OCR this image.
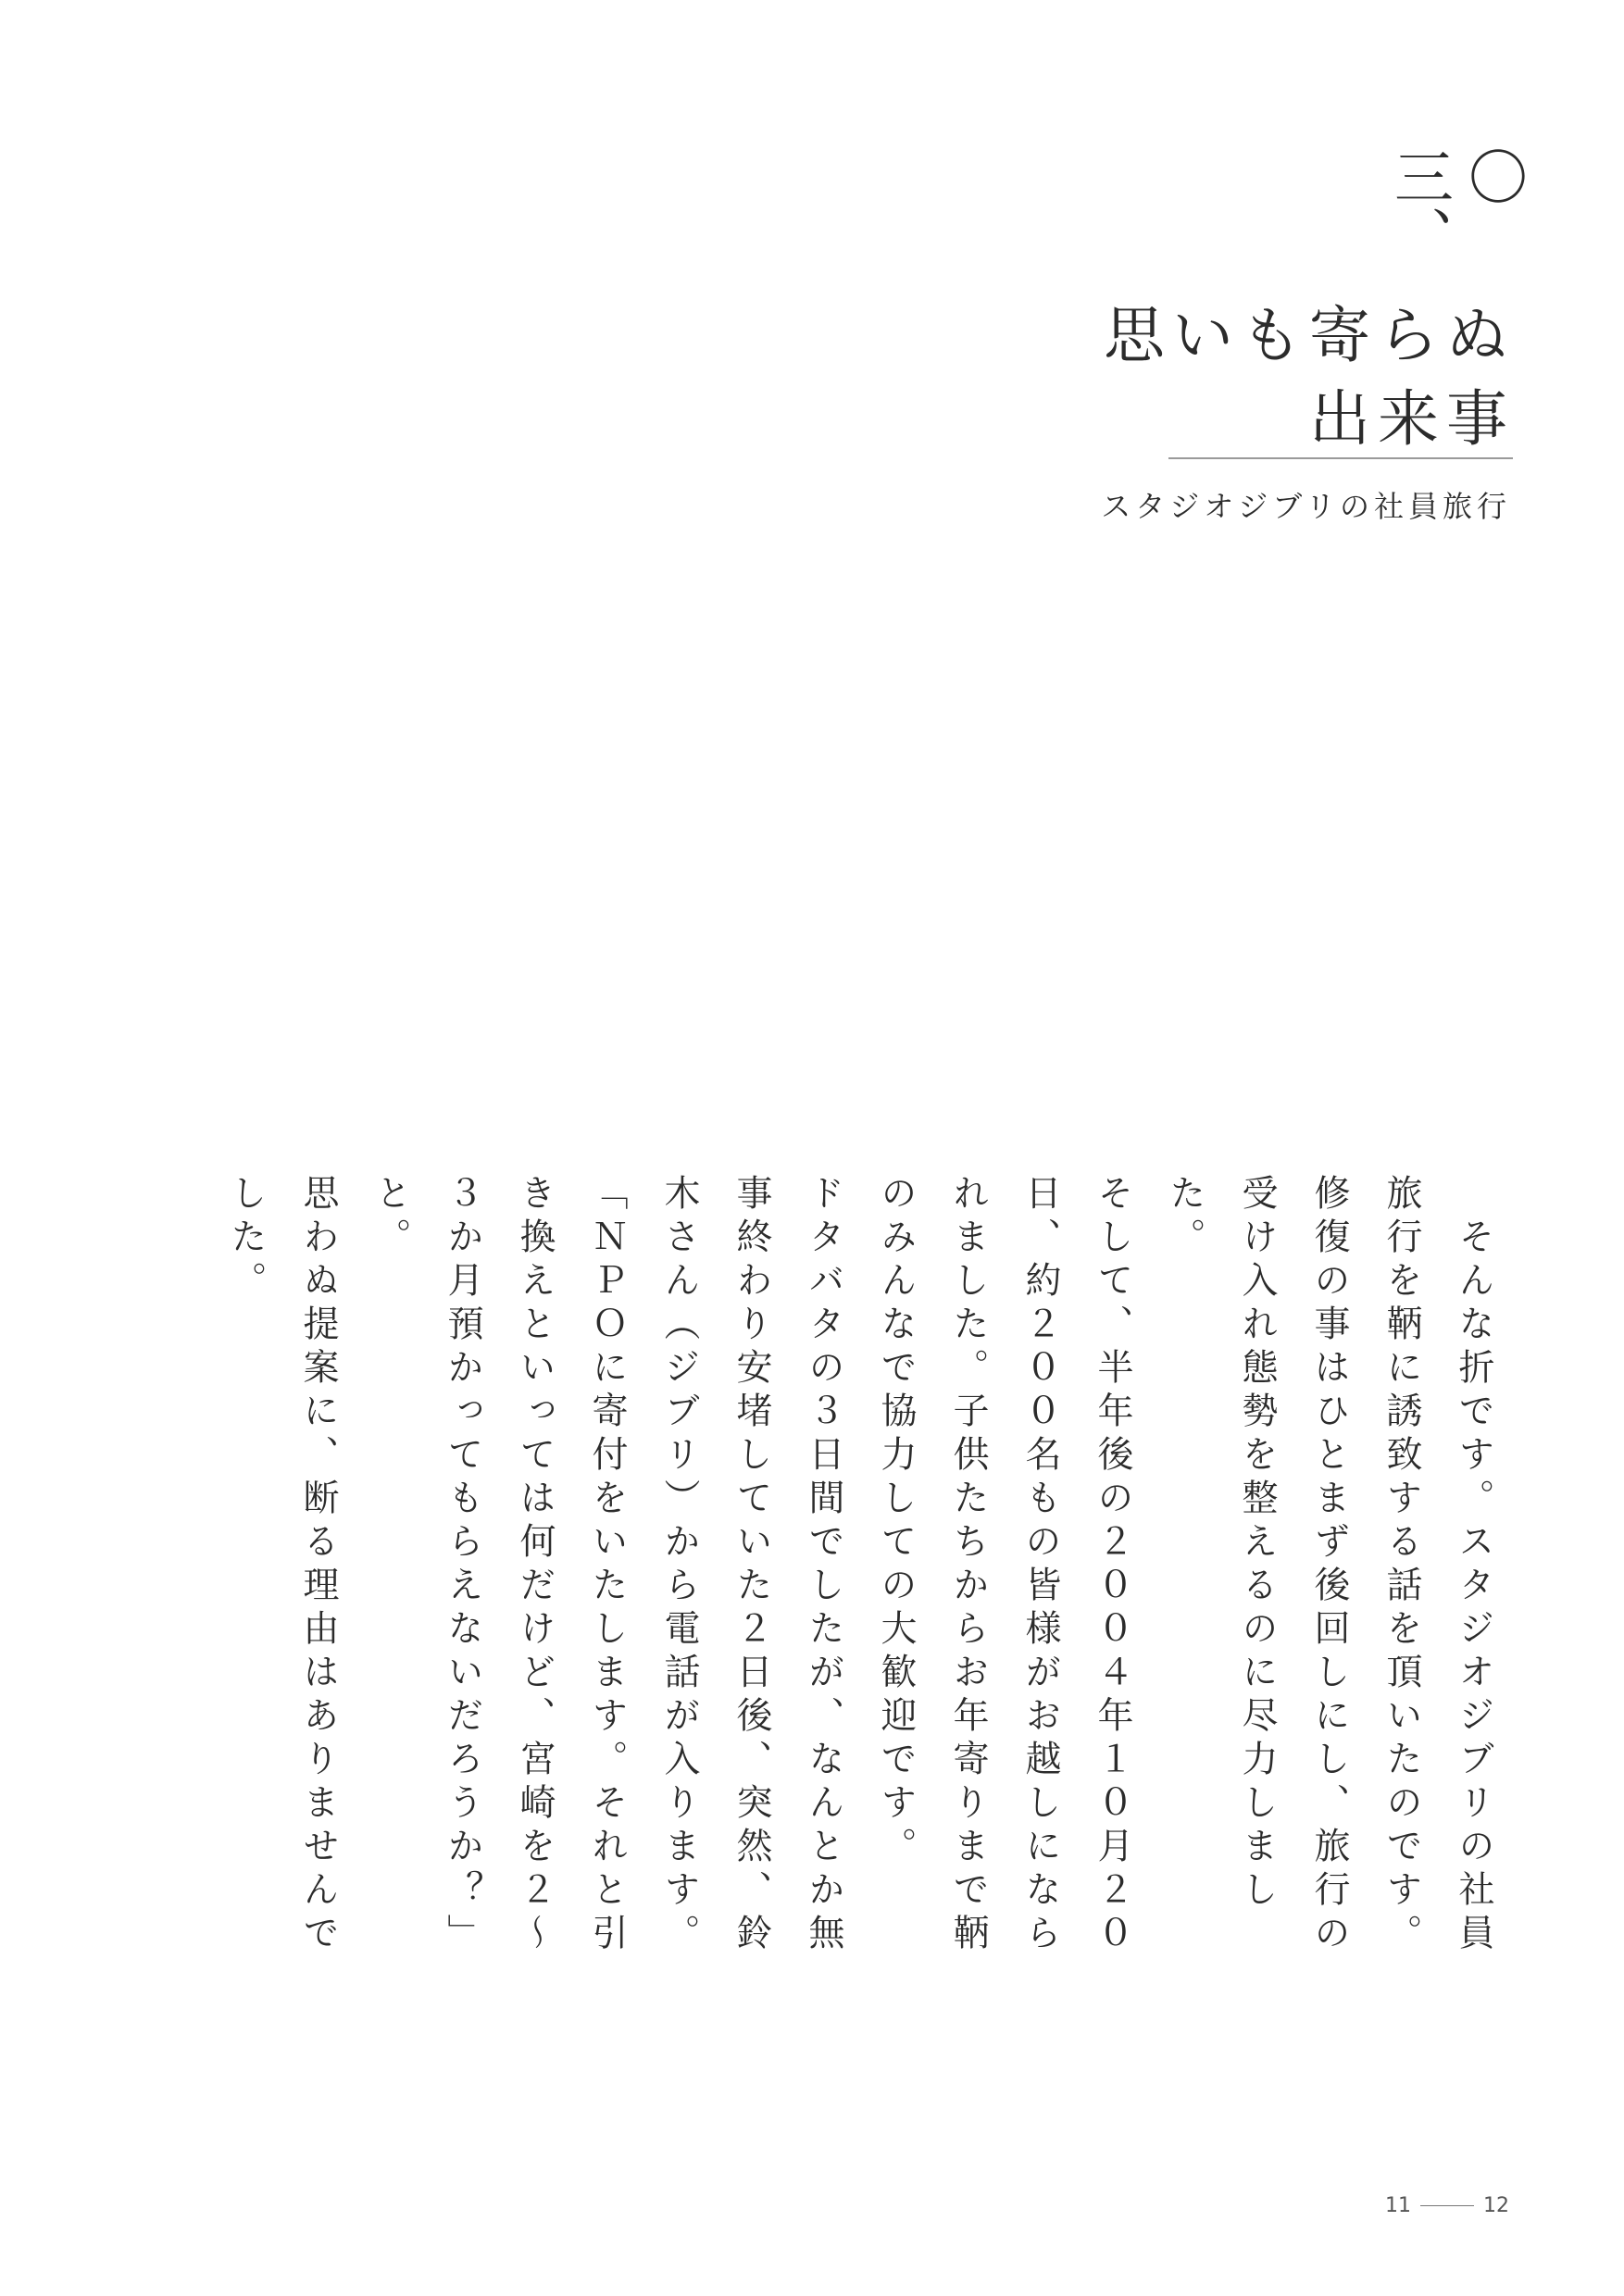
〇三、
思いも寄らぬ
出来事
スタジオジブリの社員旅行

　そんな折です。スタジオジブリの社員旅行を鞆に誘致する話を頂いたのです。

修復の事はひとまず後回しにし、旅行の受け入れ態勢を整えるのに尽力しました。

そして、半年後の２００４年１０月２０日、約２００名もの皆様がお越しになられました。子供たちからお年寄りまで鞆のみんなで協力しての大歓迎です。

ドタバタの３日間でしたが、なんとか無事終わり安堵していた２日後、突然、鈴木さん（ジブリ）から電話が入ります。

「ＮＰＯに寄付をいたします。それと引き換えといっては何だけど、宮崎を２〜３か月預かってもらえないだろうか？」と。

思わぬ提案に、断る理由はありませんでした。

11	12
